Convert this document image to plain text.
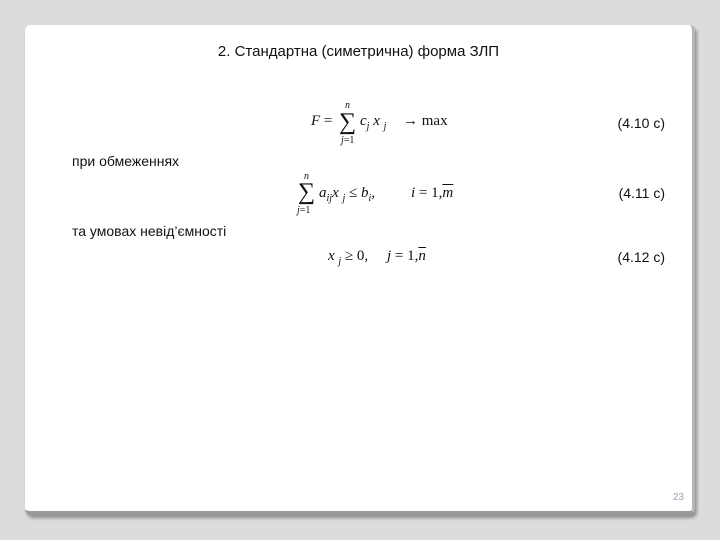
2. Стандартна (симетрична) форма ЗЛП
F = ∑
n
j=1
$c_j$ x $_j$ → max	(4.10 с)
при обмеженнях
n
∑
j=1
$a_{ij}x$ $_j \le b_i$, $i = 1,\overline{m}$	(4.11 с)
та умовах невід’ємності
x $_j$ ≥ 0, $j = 1,\overline{n}$	(4.12 с)
23
